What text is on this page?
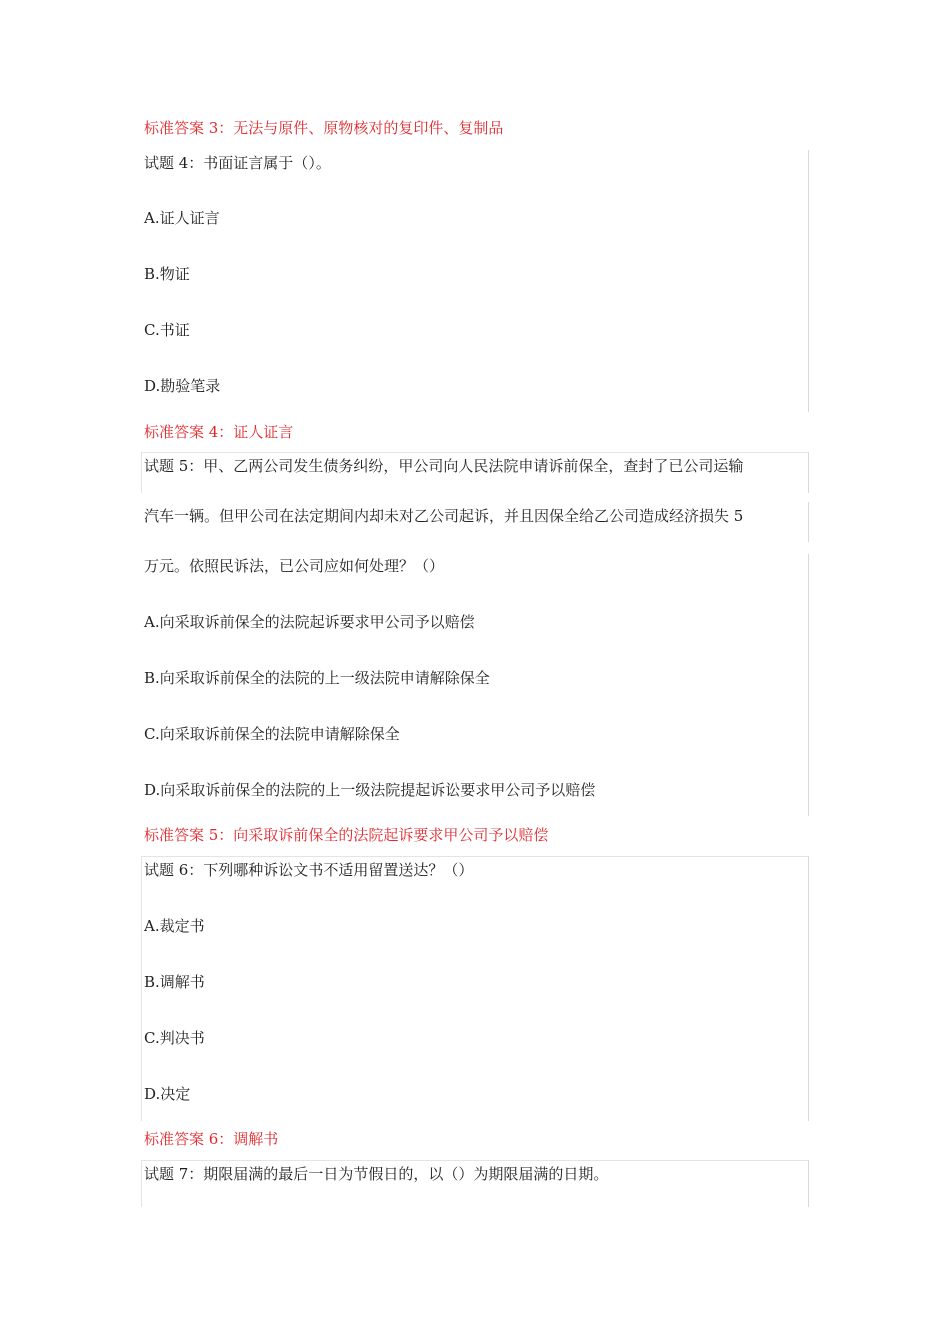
标准答案 3：无法与原件、原物核对的复印件、复制品
试题 4：书面证言属于（）。
A.证人证言
B.物证
C.书证
D.勘验笔录
标准答案 4：证人证言
试题 5：甲、乙两公司发生债务纠纷，甲公司向人民法院申请诉前保全，查封了已公司运输
汽车一辆。但甲公司在法定期间内却未对乙公司起诉，并且因保全给乙公司造成经济损失 5
万元。依照民诉法，已公司应如何处理？（）
A.向采取诉前保全的法院起诉要求甲公司予以赔偿
B.向采取诉前保全的法院的上一级法院申请解除保全
C.向采取诉前保全的法院申请解除保全
D.向采取诉前保全的法院的上一级法院提起诉讼要求甲公司予以赔偿
标准答案 5：向采取诉前保全的法院起诉要求甲公司予以赔偿
试题 6：下列哪种诉讼文书不适用留置送达？（）
A.裁定书
B.调解书
C.判决书
D.决定
标准答案 6：调解书
试题 7：期限届满的最后一日为节假日的，以（）为期限届满的日期。
